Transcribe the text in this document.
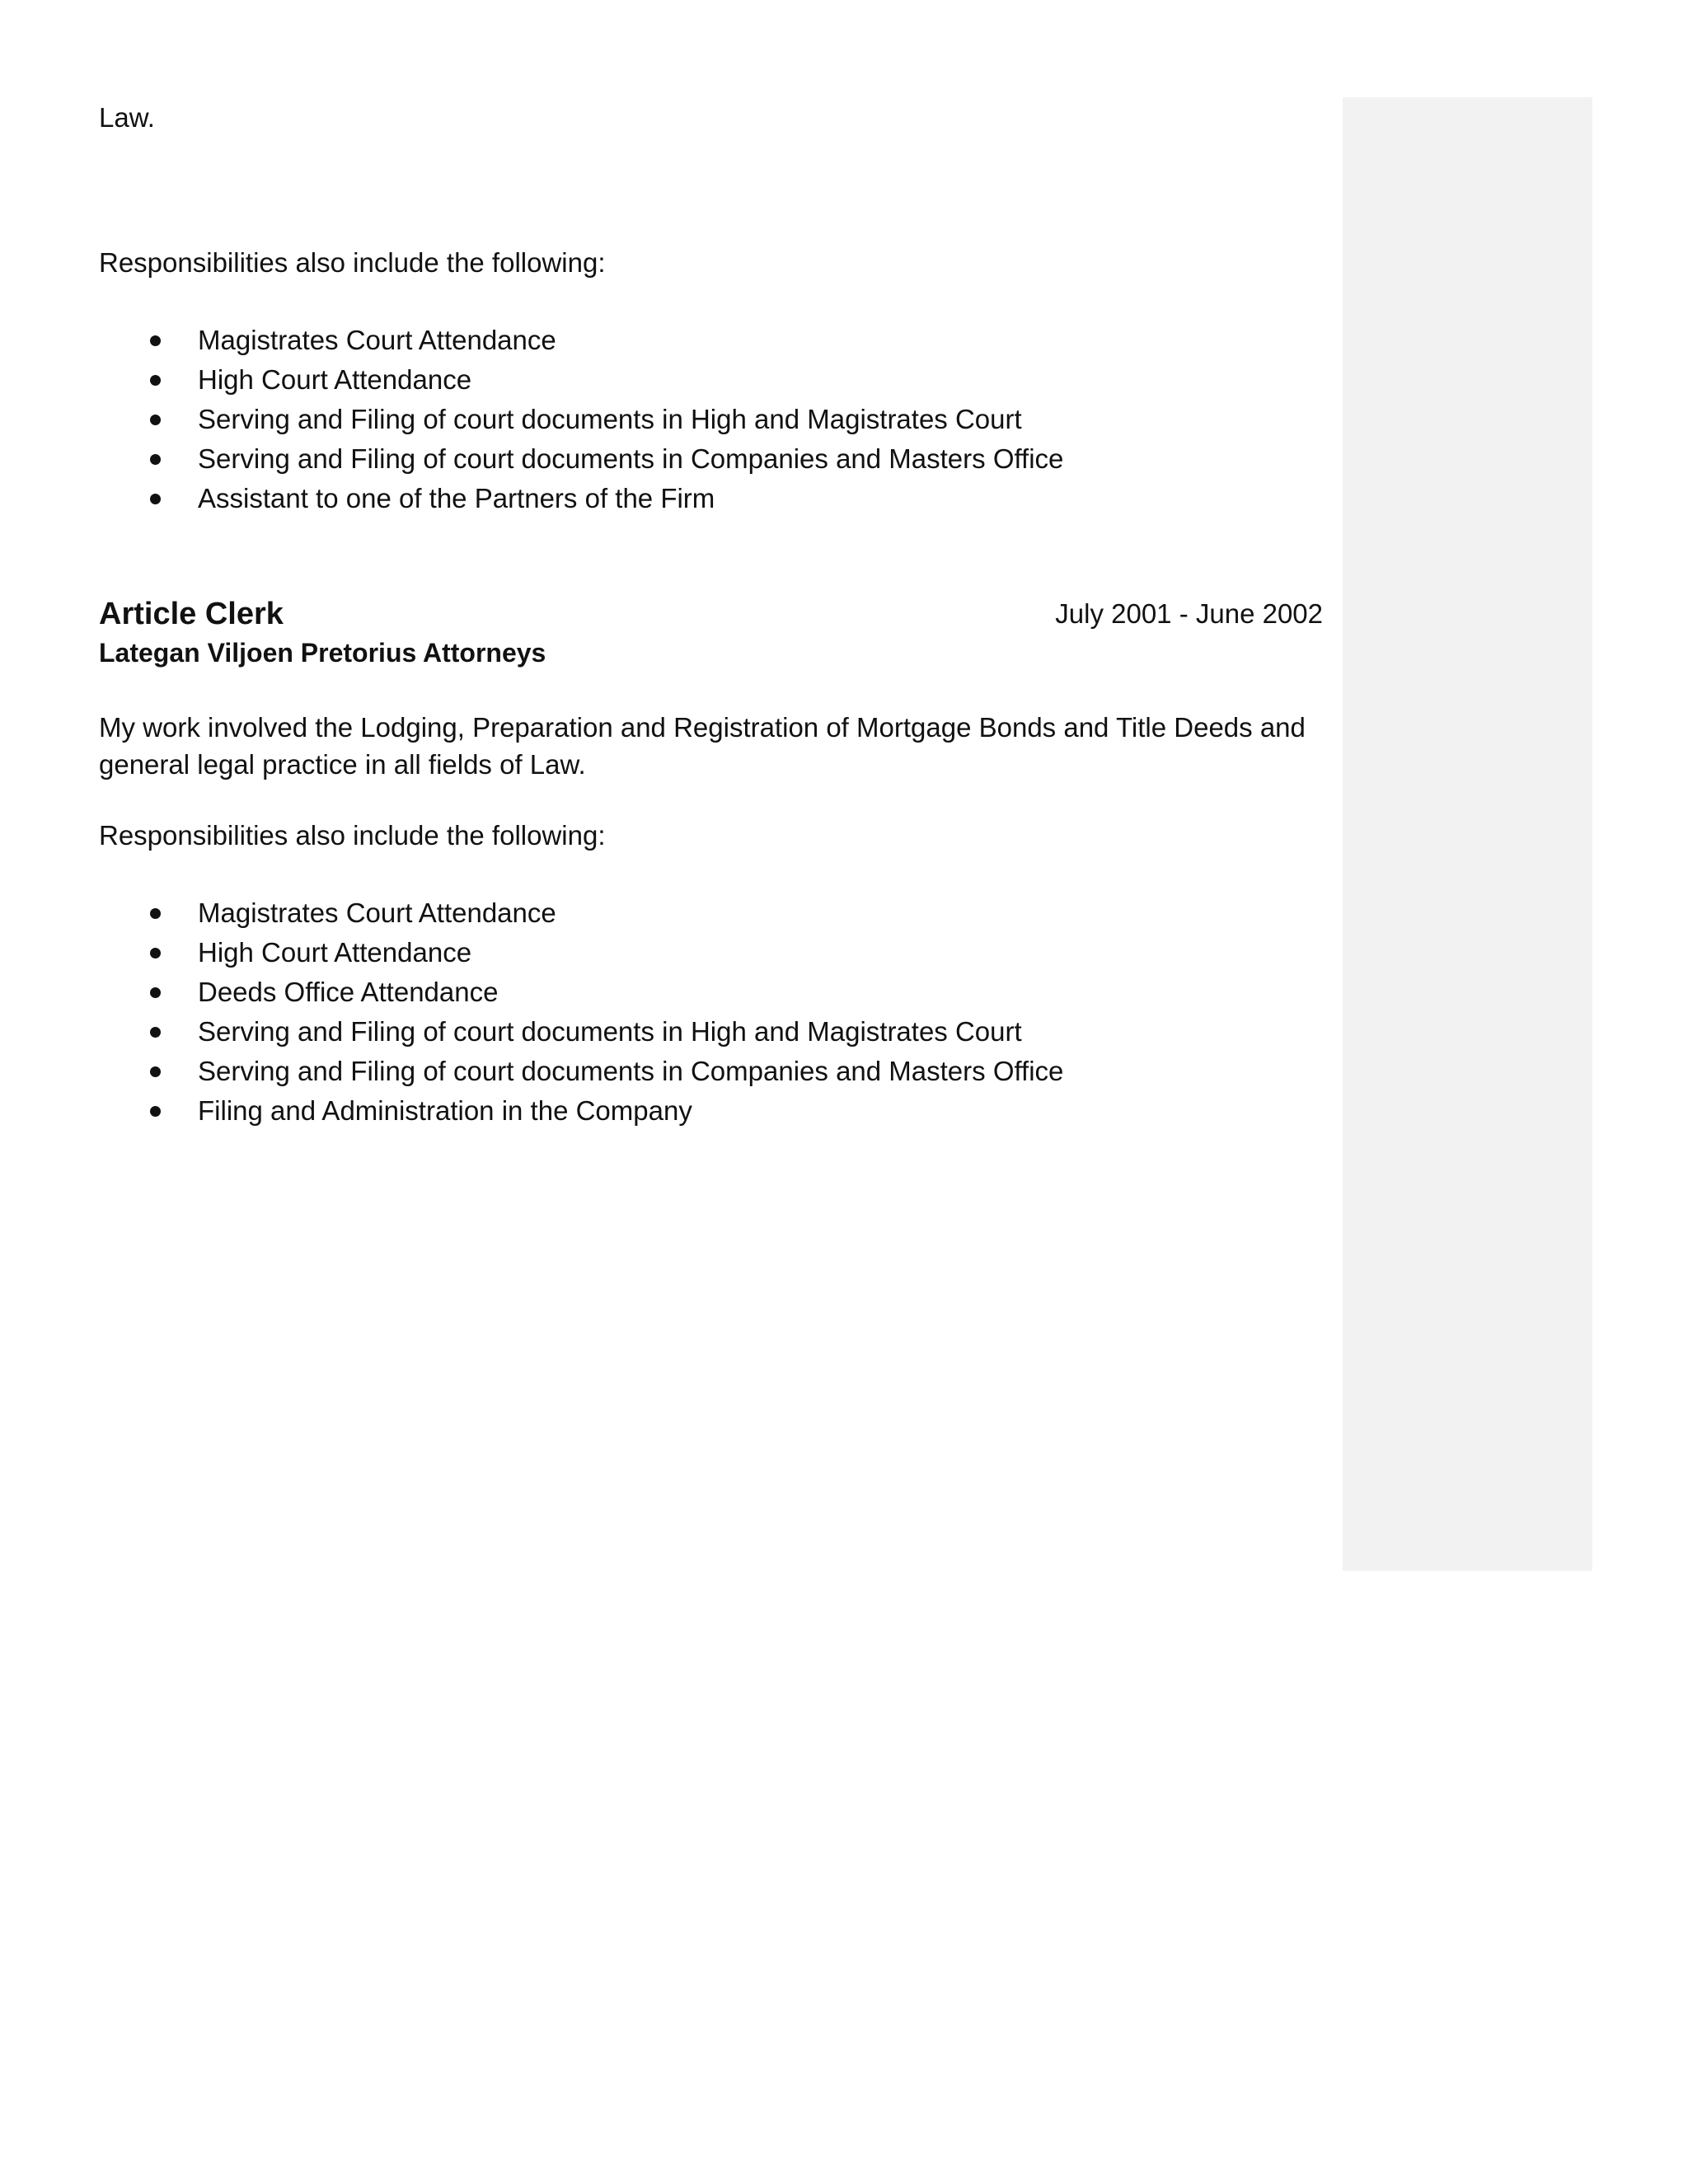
Law.

Responsibilities also include the following:

Magistrates Court Attendance
High Court Attendance
Serving and Filing of court documents in High and Magistrates Court
Serving and Filing of court documents in Companies and Masters Office
Assistant to one of the Partners of the Firm
Article Clerk	July 2001 - June 2002
Lategan Viljoen Pretorius Attorneys
My work involved the Lodging, Preparation and Registration of Mortgage Bonds and Title Deeds and
general legal practice in all fields of Law.

Responsibilities also include the following:

Magistrates Court Attendance
High Court Attendance
Deeds Office Attendance
Serving and Filing of court documents in High and Magistrates Court
Serving and Filing of court documents in Companies and Masters Office
Filing and Administration in the Company
